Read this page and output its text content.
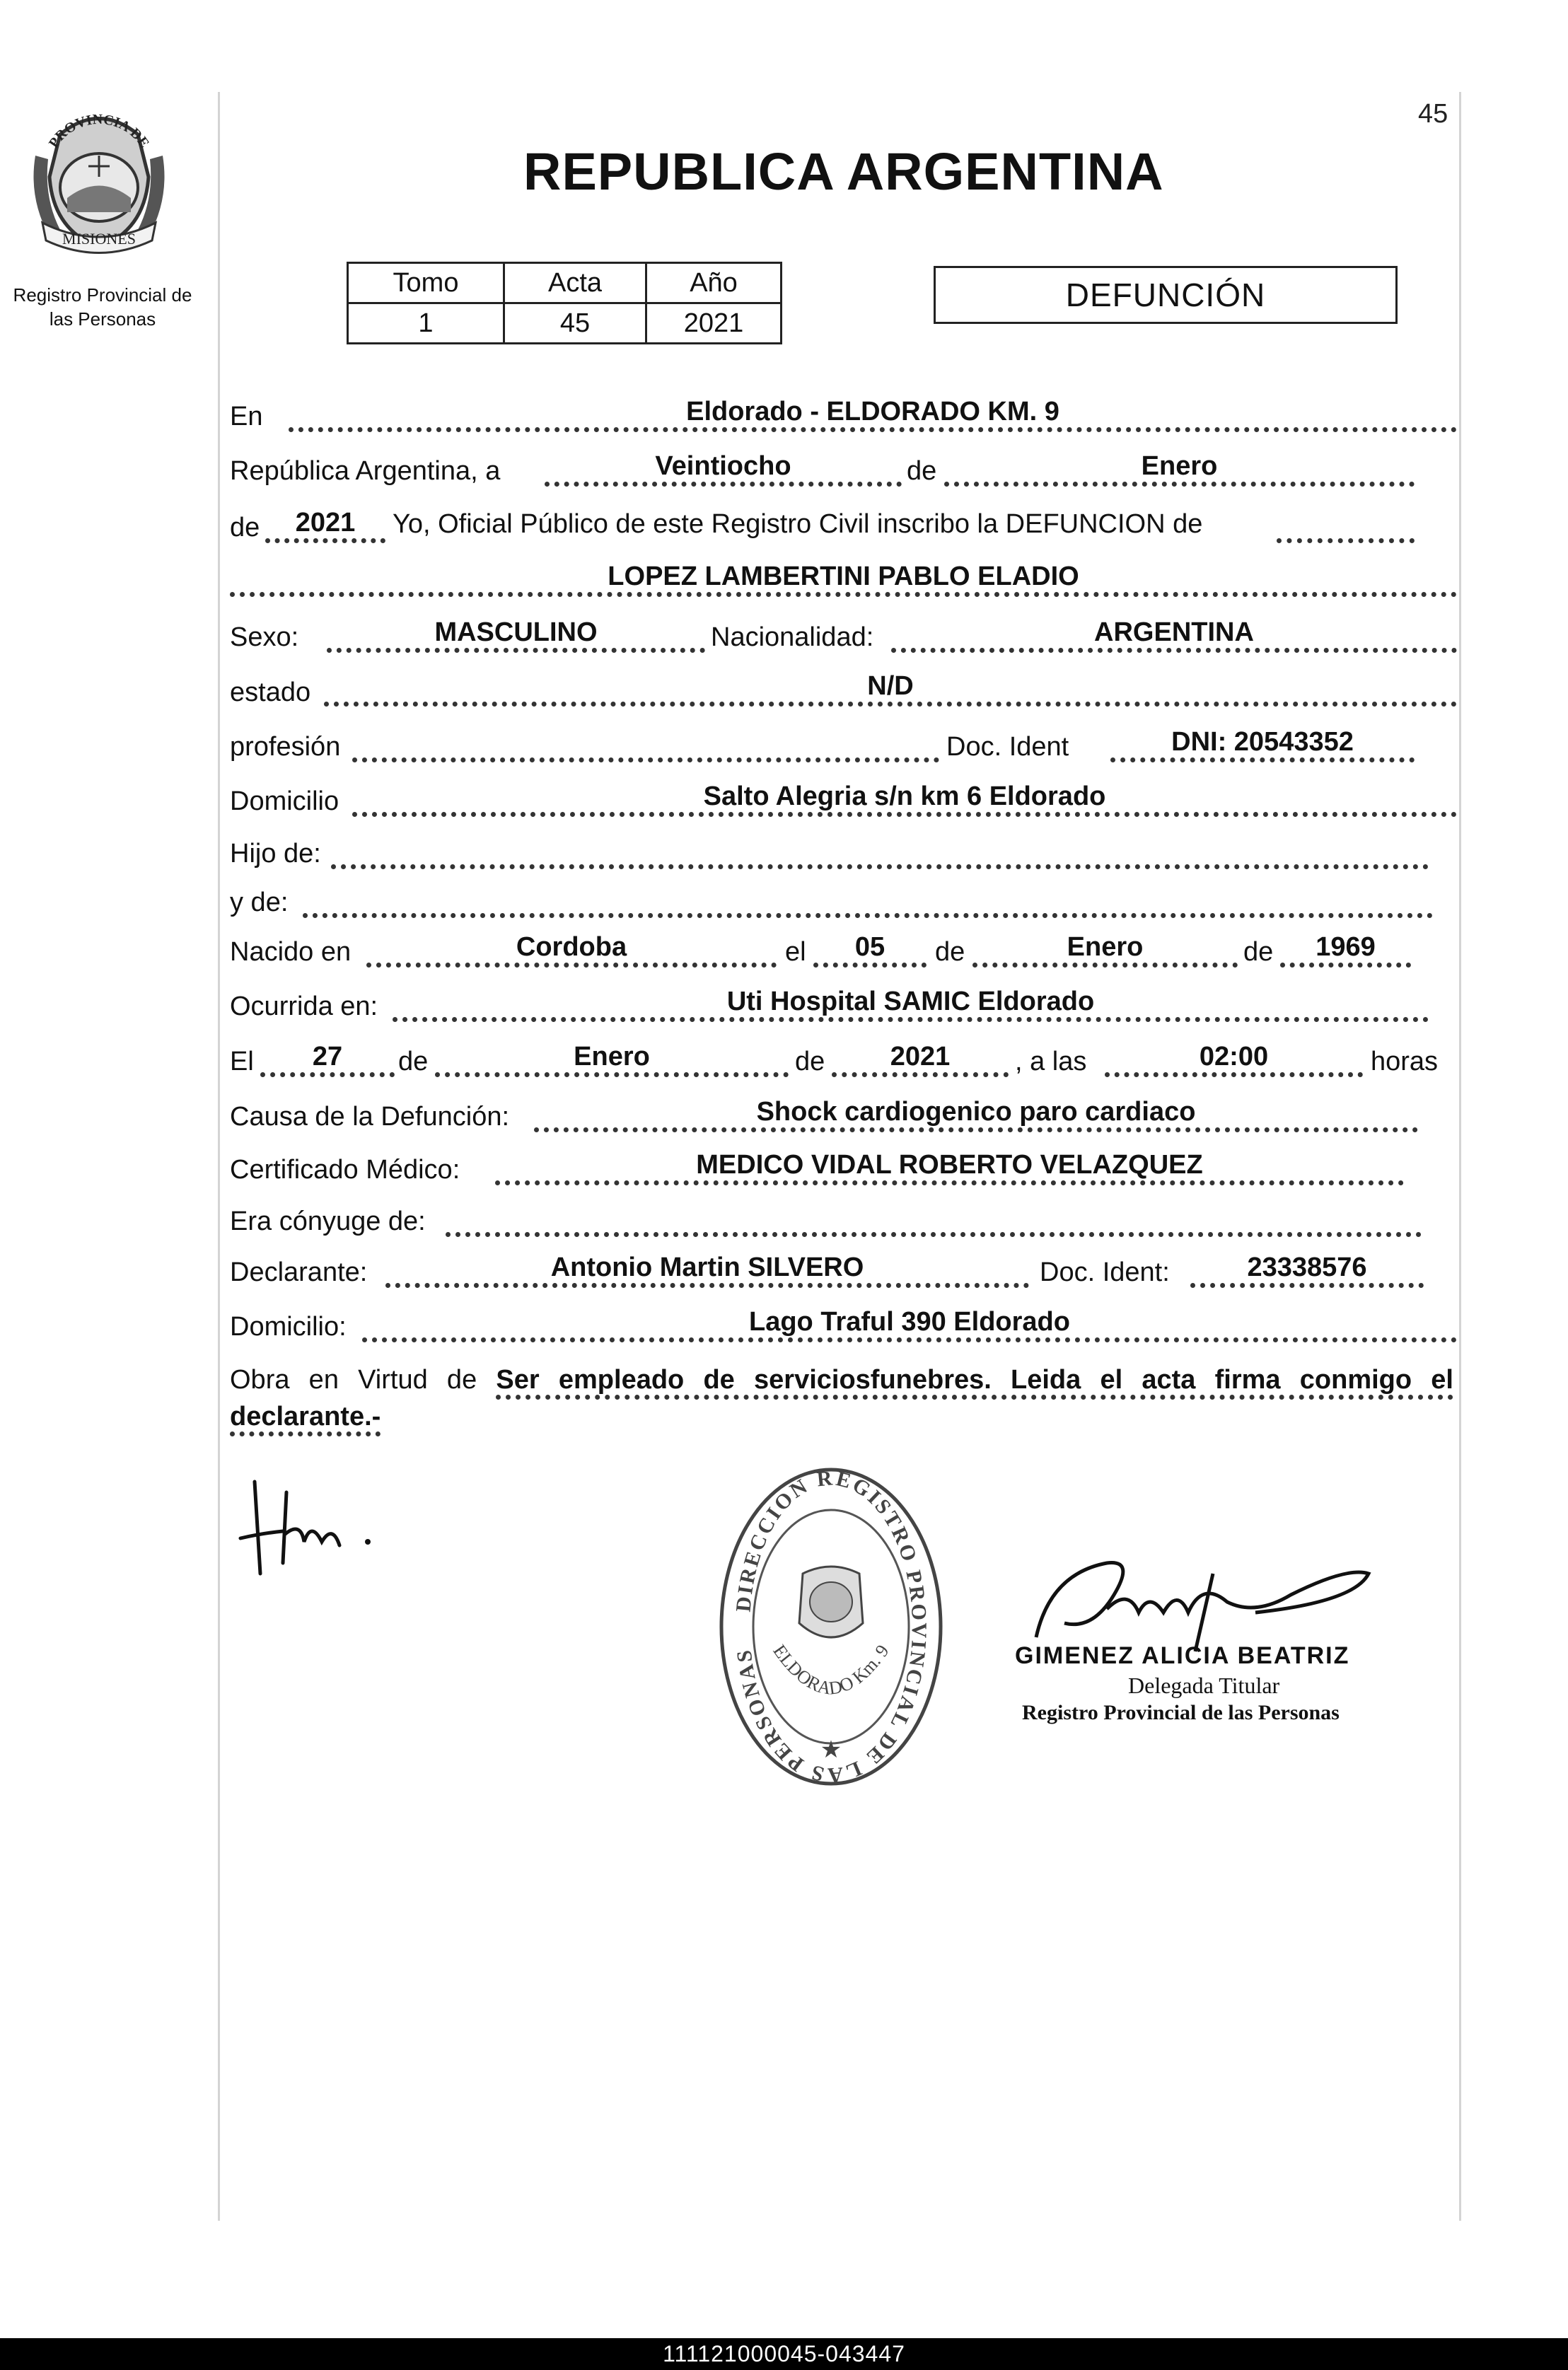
45
PROVINCIA DE
MISIONES
Registro Provincial de
las Personas
REPUBLICA ARGENTINA
Tomo	Acta	Año
1	45	2021
DEFUNCIÓN
En	Eldorado - ELDORADO KM. 9
República Argentina, a	Veintiocho	de	Enero
de	2021	Yo, Oficial Público de este Registro Civil inscribo la DEFUNCION de
LOPEZ LAMBERTINI PABLO ELADIO
Sexo:	MASCULINO	Nacionalidad:	ARGENTINA
estado	N/D
profesión	Doc. Ident	DNI: 20543352
Domicilio	Salto Alegria s/n km 6 Eldorado
Hijo de:
y de:
Nacido en	Cordoba	el	05	de	Enero	de	1969
Ocurrida en:	Uti Hospital SAMIC Eldorado
El	27	de	Enero	de	2021	, a las	02:00	horas
Causa de la Defunción:	Shock cardiogenico paro cardiaco
Certificado Médico:	MEDICO VIDAL ROBERTO VELAZQUEZ
Era cónyuge de:
Declarante:	Antonio Martin SILVERO	Doc. Ident:	23338576
Domicilio:	Lago Traful 390 Eldorado
Obra en Virtud de Ser empleado de serviciosfunebres. Leida el acta firma conmigo el declarante.-
DIRECCION REGISTRO PROVINCIAL DE LAS PERSONAS ELDORADO Km. 9
★
GIMENEZ ALICIA BEATRIZ
Delegada Titular
Registro Provincial de las Personas
111121000045-043447
